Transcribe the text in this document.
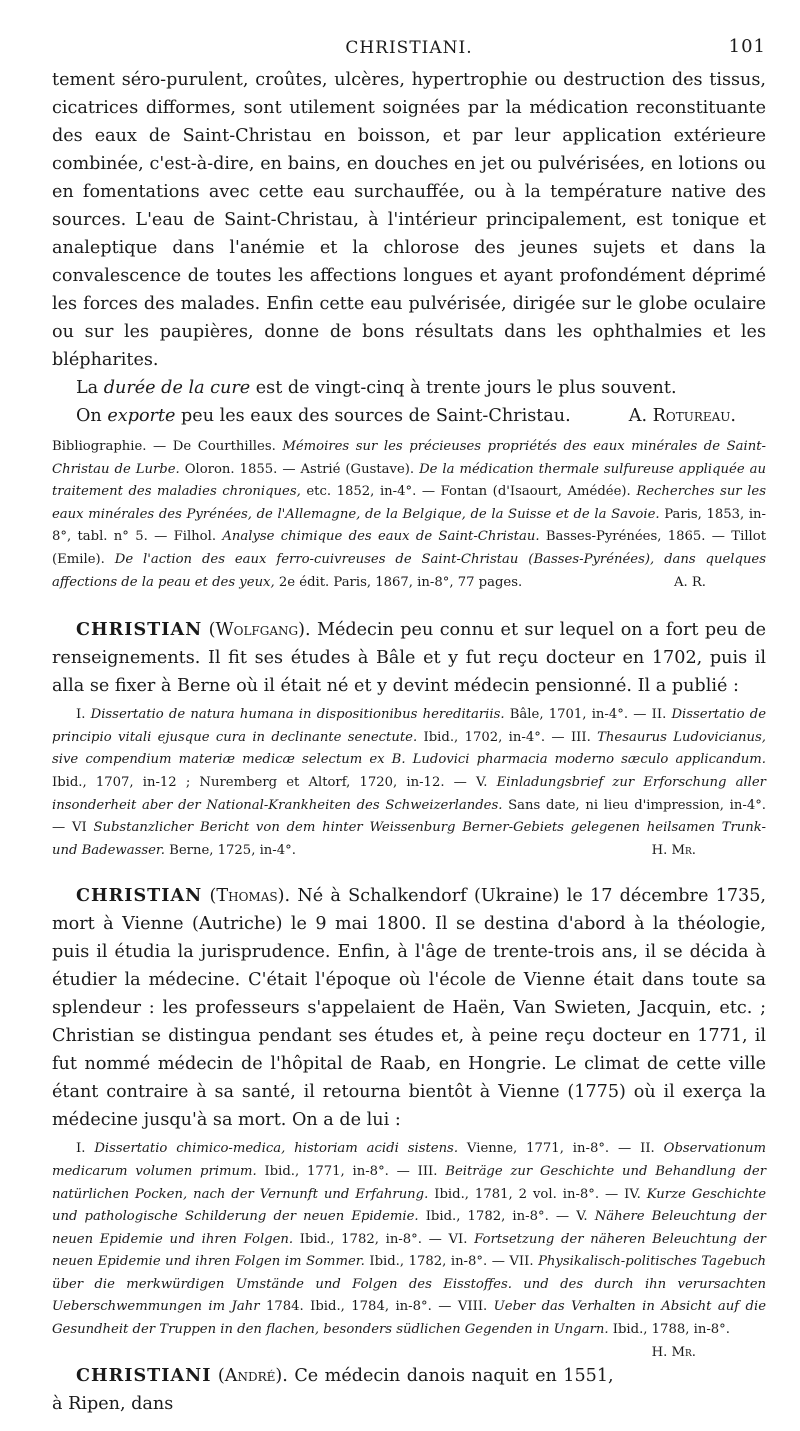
CHRISTIANI.	101

tement séro-purulent, croûtes, ulcères, hypertrophie ou destruction des tissus, cicatrices difformes, sont utilement soignées par la médication reconstituante des eaux de Saint-Christau en boisson, et par leur application extérieure combinée, c'est-à-dire, en bains, en douches en jet ou pulvérisées, en lotions ou en fomentations avec cette eau surchauffée, ou à la température native des sources. L'eau de Saint-Christau, à l'intérieur principalement, est tonique et analeptique dans l'anémie et la chlorose des jeunes sujets et dans la convalescence de toutes les affections longues et ayant profondément déprimé les forces des malades. Enfin cette eau pulvérisée, dirigée sur le globe oculaire ou sur les paupières, donne de bons résultats dans les ophthalmies et les blépharites.

La durée de la cure est de vingt-cinq à trente jours le plus souvent.

A. Rotureau.
On exporte peu les eaux des sources de Saint-Christau.

Bibliographie. — De Courthilles. Mémoires sur les précieuses propriétés des eaux minérales de Saint-Christau de Lurbe. Oloron. 1855. — Astrié (Gustave). De la médication thermale sulfureuse appliquée au traitement des maladies chroniques, etc. 1852, in-4°. — Fontan (d'Isaourt, Amédée). Recherches sur les eaux minérales des Pyrénées, de l'Allemagne, de la Belgique, de la Suisse et de la Savoie. Paris, 1853, in-8°, tabl. n° 5. — Filhol. Analyse chimique des eaux de Saint-Christau. Basses-Pyrénées, 1865. — Tillot (Emile). De l'action des eaux ferro-cuivreuses de Saint-Christau (Basses-Pyrénées), dans quelques affections de la peau et des yeux, 2e édit. Paris, 1867, in-8°, 77 pages.	A. R.

CHRISTIAN (Wolfgang). Médecin peu connu et sur lequel on a fort peu de renseignements. Il fit ses études à Bâle et y fut reçu docteur en 1702, puis il alla se fixer à Berne où il était né et y devint médecin pensionné. Il a publié :

I. Dissertatio de natura humana in dispositionibus hereditariis. Bâle, 1701, in-4°. — II. Dissertatio de principio vitali ejusque cura in declinante senectute. Ibid., 1702, in-4°. — III. Thesaurus Ludovicianus, sive compendium materiæ medicæ selectum ex B. Ludovici pharmacia moderno sæculo applicandum. Ibid., 1707, in-12 ; Nuremberg et Altorf, 1720, in-12. — V. Einladungsbrief zur Erforschung aller insonderheit aber der National-Krankheiten des Schweizerlandes. Sans date, ni lieu d'impression, in-4°. — VI Substanzlicher Bericht von dem hinter Weissenburg Berner-Gebiets gelegenen heilsamen Trunk- und Badewasser. Berne, 1725, in-4°.	H. Mr.

CHRISTIAN (Thomas). Né à Schalkendorf (Ukraine) le 17 décembre 1735, mort à Vienne (Autriche) le 9 mai 1800. Il se destina d'abord à la théologie, puis il étudia la jurisprudence. Enfin, à l'âge de trente-trois ans, il se décida à étudier la médecine. C'était l'époque où l'école de Vienne était dans toute sa splendeur : les professeurs s'appelaient de Haën, Van Swieten, Jacquin, etc. ; Christian se distingua pendant ses études et, à peine reçu docteur en 1771, il fut nommé médecin de l'hôpital de Raab, en Hongrie. Le climat de cette ville étant contraire à sa santé, il retourna bientôt à Vienne (1775) où il exerça la médecine jusqu'à sa mort. On a de lui :

I. Dissertatio chimico-medica, historiam acidi sistens. Vienne, 1771, in-8°. — II. Observationum medicarum volumen primum. Ibid., 1771, in-8°. — III. Beiträge zur Geschichte und Behandlung der natürlichen Pocken, nach der Vernunft und Erfahrung. Ibid., 1781, 2 vol. in-8°. — IV. Kurze Geschichte und pathologische Schilderung der neuen Epidemie. Ibid., 1782, in-8°. — V. Nähere Beleuchtung der neuen Epidemie und ihren Folgen. Ibid., 1782, in-8°. — VI. Fortsetzung der näheren Beleuchtung der neuen Epidemie und ihren Folgen im Sommer. Ibid., 1782, in-8°. — VII. Physikalisch-politisches Tagebuch über die merkwürdigen Umstände und Folgen des Eisstoffes. und des durch ihn verursachten Ueberschwemmungen im Jahr 1784. Ibid., 1784, in-8°. — VIII. Ueber das Verhalten in Absicht auf die Gesundheit der Truppen in den flachen, besonders südlichen Gegenden in Ungarn. Ibid., 1788, in-8°.
H. Mr.

CHRISTIANI (André). Ce médecin danois naquit en 1551, à Ripen, dans
